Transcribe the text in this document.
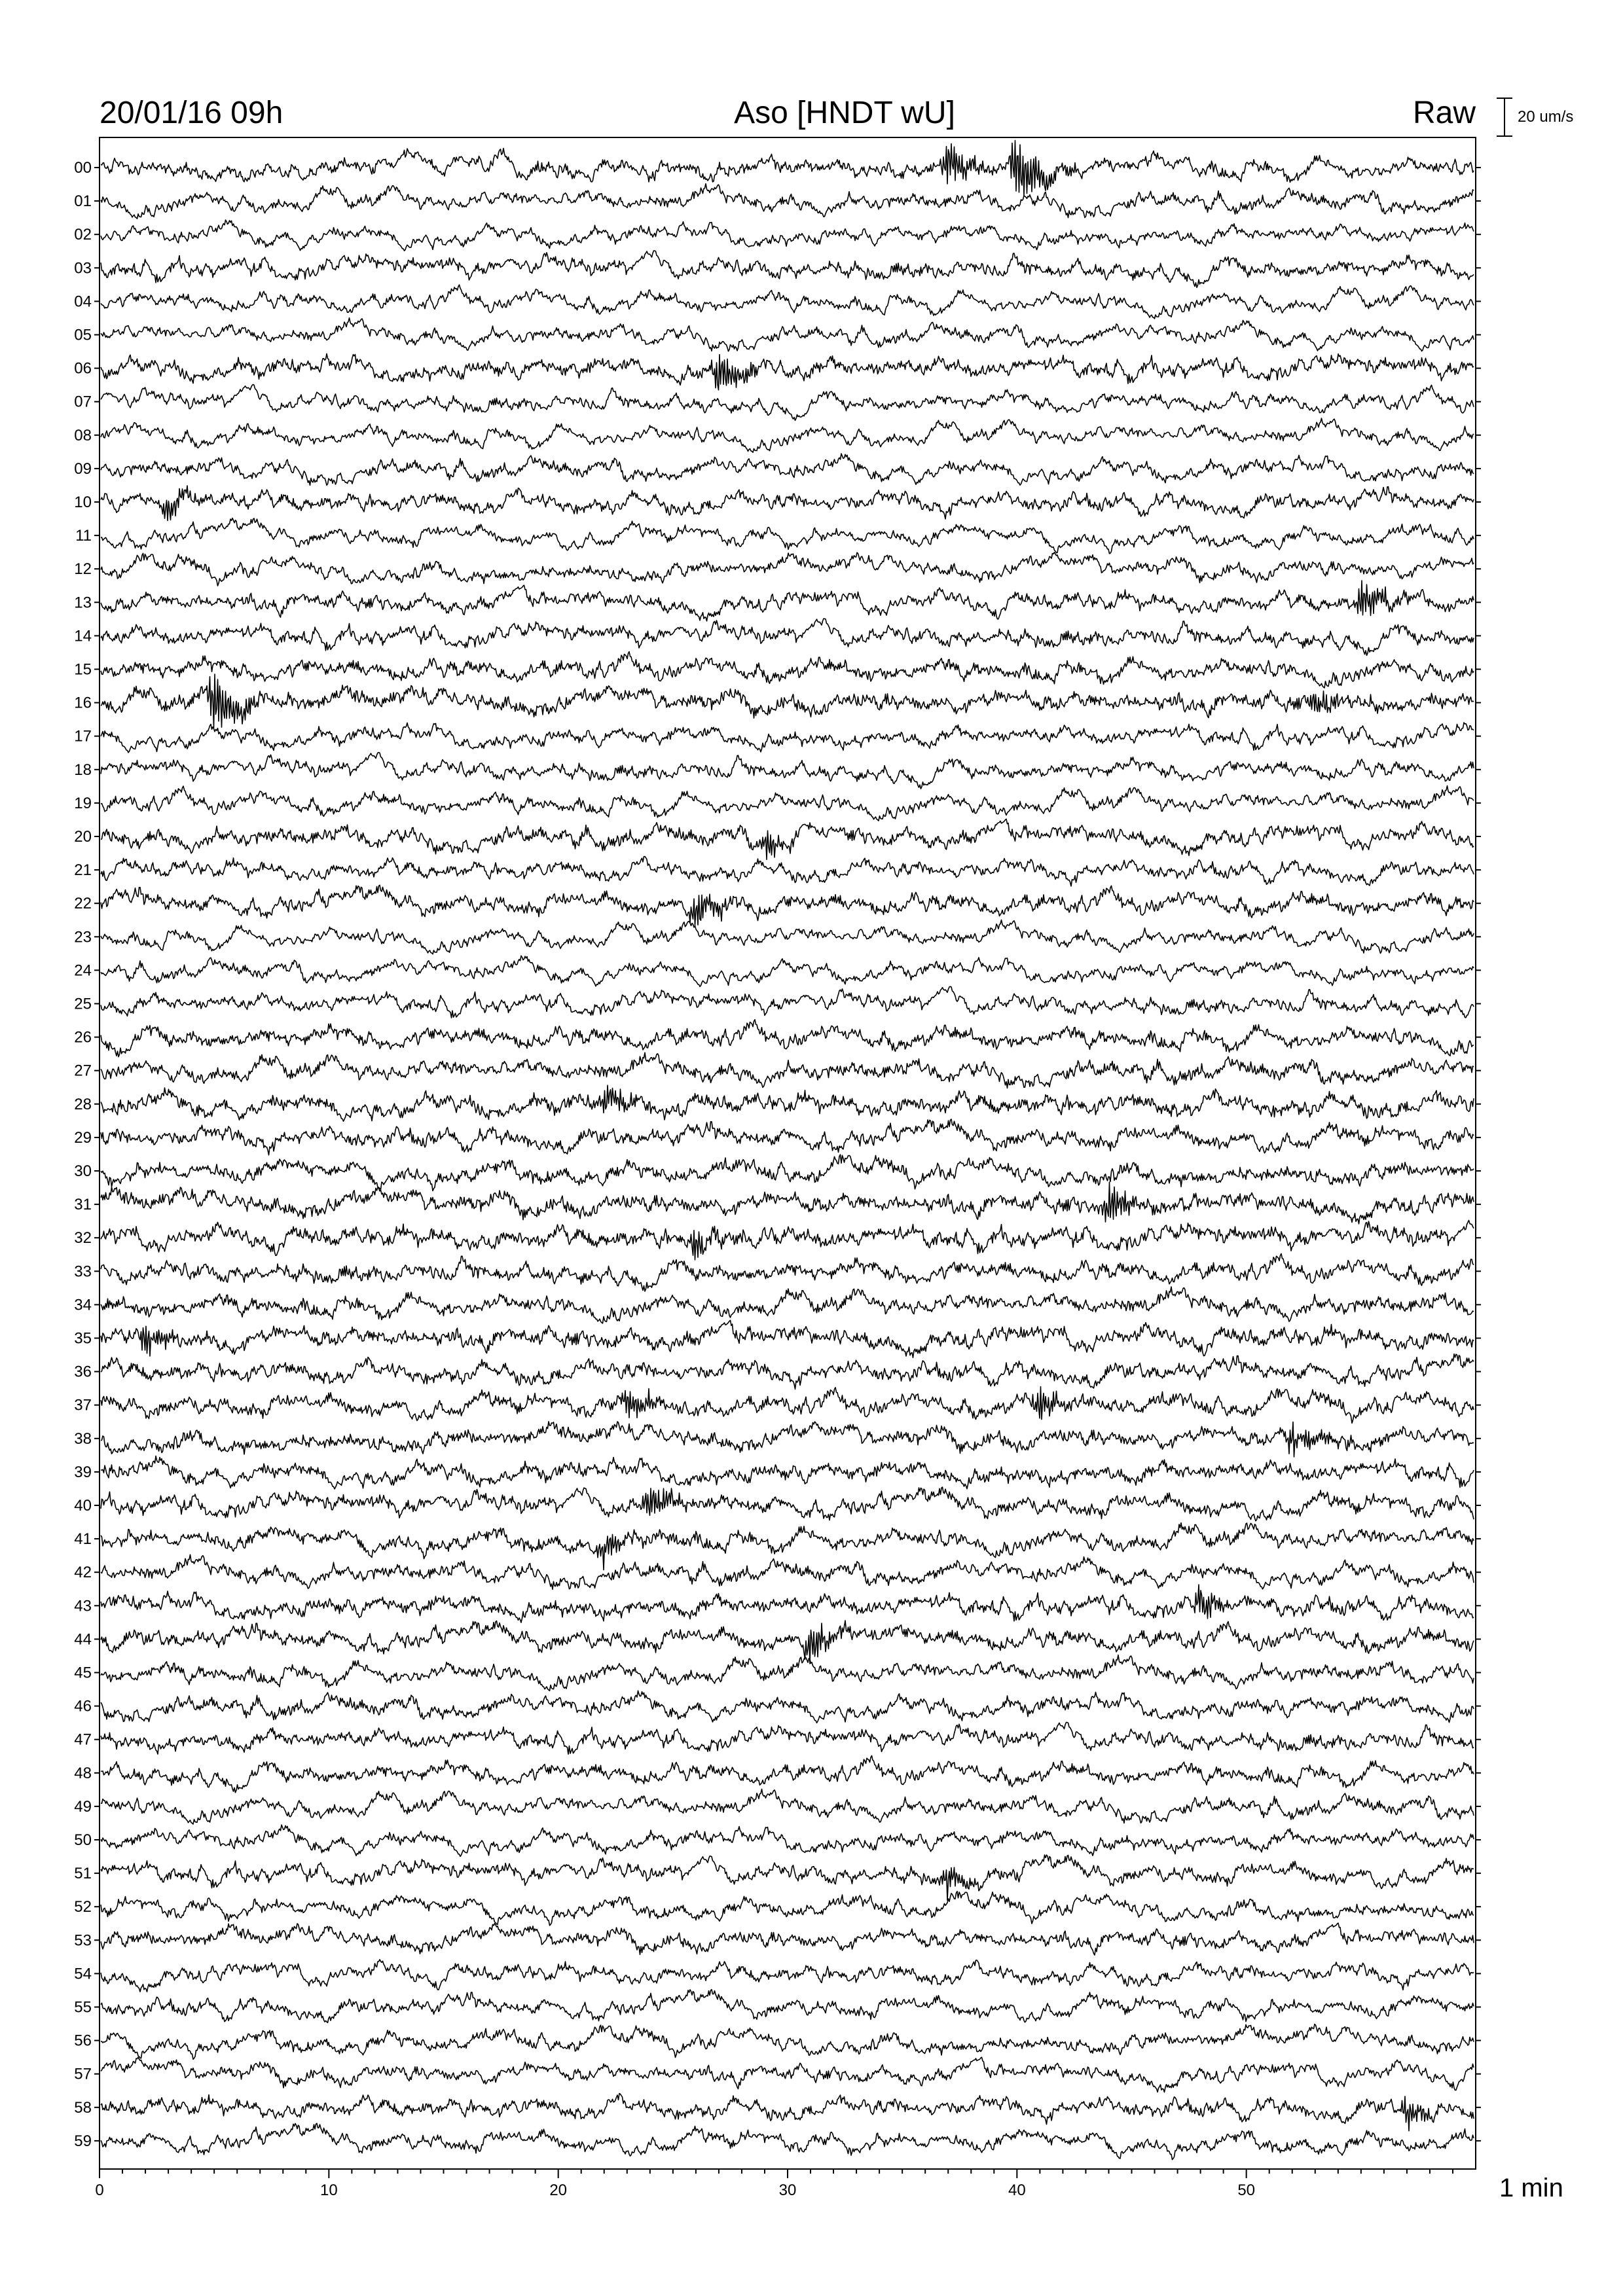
20/01/16 09h	Aso [HNDT wU]	Raw	20 um/s
00
01
02
03
04
05
06
07
08
09
10
11
12
13
14
15
16
17
18
19
20
21
22
23
24
25
26
27
28
29
30
31
32
33
34
35
36
37
38
39
40
41
42
43
44
45
46
47
48
49
50
51
52
53
54
55
56
57
58
59
0	10	20	30	40	50	1 min
